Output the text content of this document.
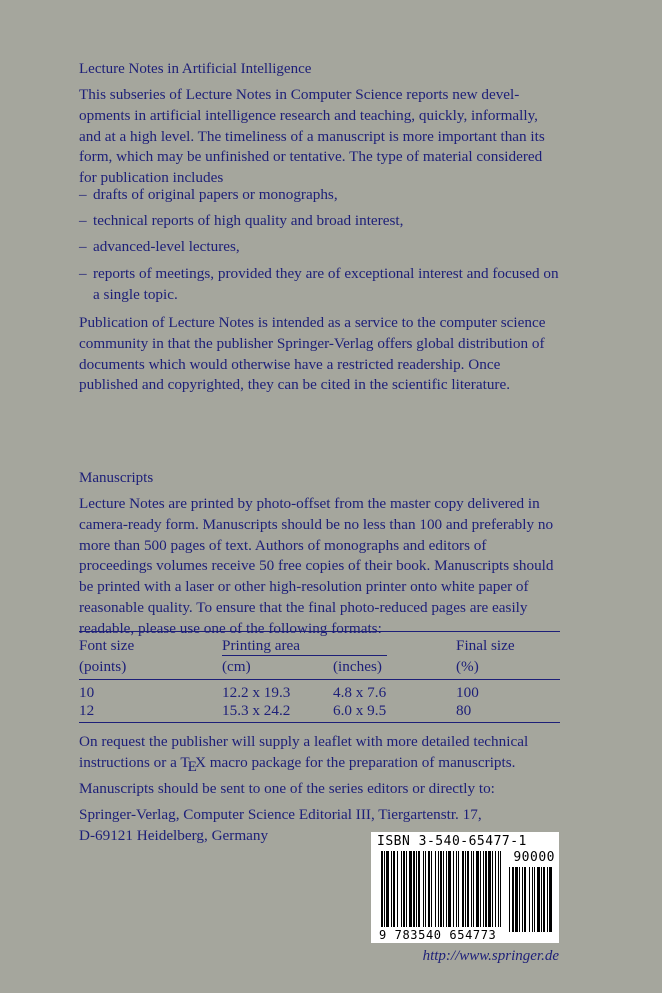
Lecture Notes in Artificial Intelligence
This subseries of Lecture Notes in Computer Science reports new devel-
opments in artificial intelligence research and teaching, quickly, informally,
and at a high level. The timeliness of a manuscript is more important than its
form, which may be unfinished or tentative. The type of material considered
for publication includes
– drafts of original papers or monographs,
– technical reports of high quality and broad interest,
– advanced-level lectures,
– reports of meetings, provided they are of exceptional interest and focused on
a single topic.
Publication of Lecture Notes is intended as a service to the computer science
community in that the publisher Springer-Verlag offers global distribution of
documents which would otherwise have a restricted readership. Once
published and copyrighted, they can be cited in the scientific literature.
Manuscripts
Lecture Notes are printed by photo-offset from the master copy delivered in
camera-ready form. Manuscripts should be no less than 100 and preferably no
more than 500 pages of text. Authors of monographs and editors of
proceedings volumes receive 50 free copies of their book. Manuscripts should
be printed with a laser or other high-resolution printer onto white paper of
reasonable quality. To ensure that the final photo-reduced pages are easily
readable, please use one of the following formats:
Font size	Printing area	Final size
(points)	(cm)	(inches)	(%)
10	12.2 x 19.3	4.8 x 7.6	100
12	15.3 x 24.2	6.0 x 9.5	80
On request the publisher will supply a leaflet with more detailed technical
instructions or a TEX macro package for the preparation of manuscripts.
Manuscripts should be sent to one of the series editors or directly to:
Springer-Verlag, Computer Science Editorial III, Tiergartenstr. 17,
D-69121 Heidelberg, Germany	ISBN 3-540-65477-1
90000
9 783540 654773
http://www.springer.de
